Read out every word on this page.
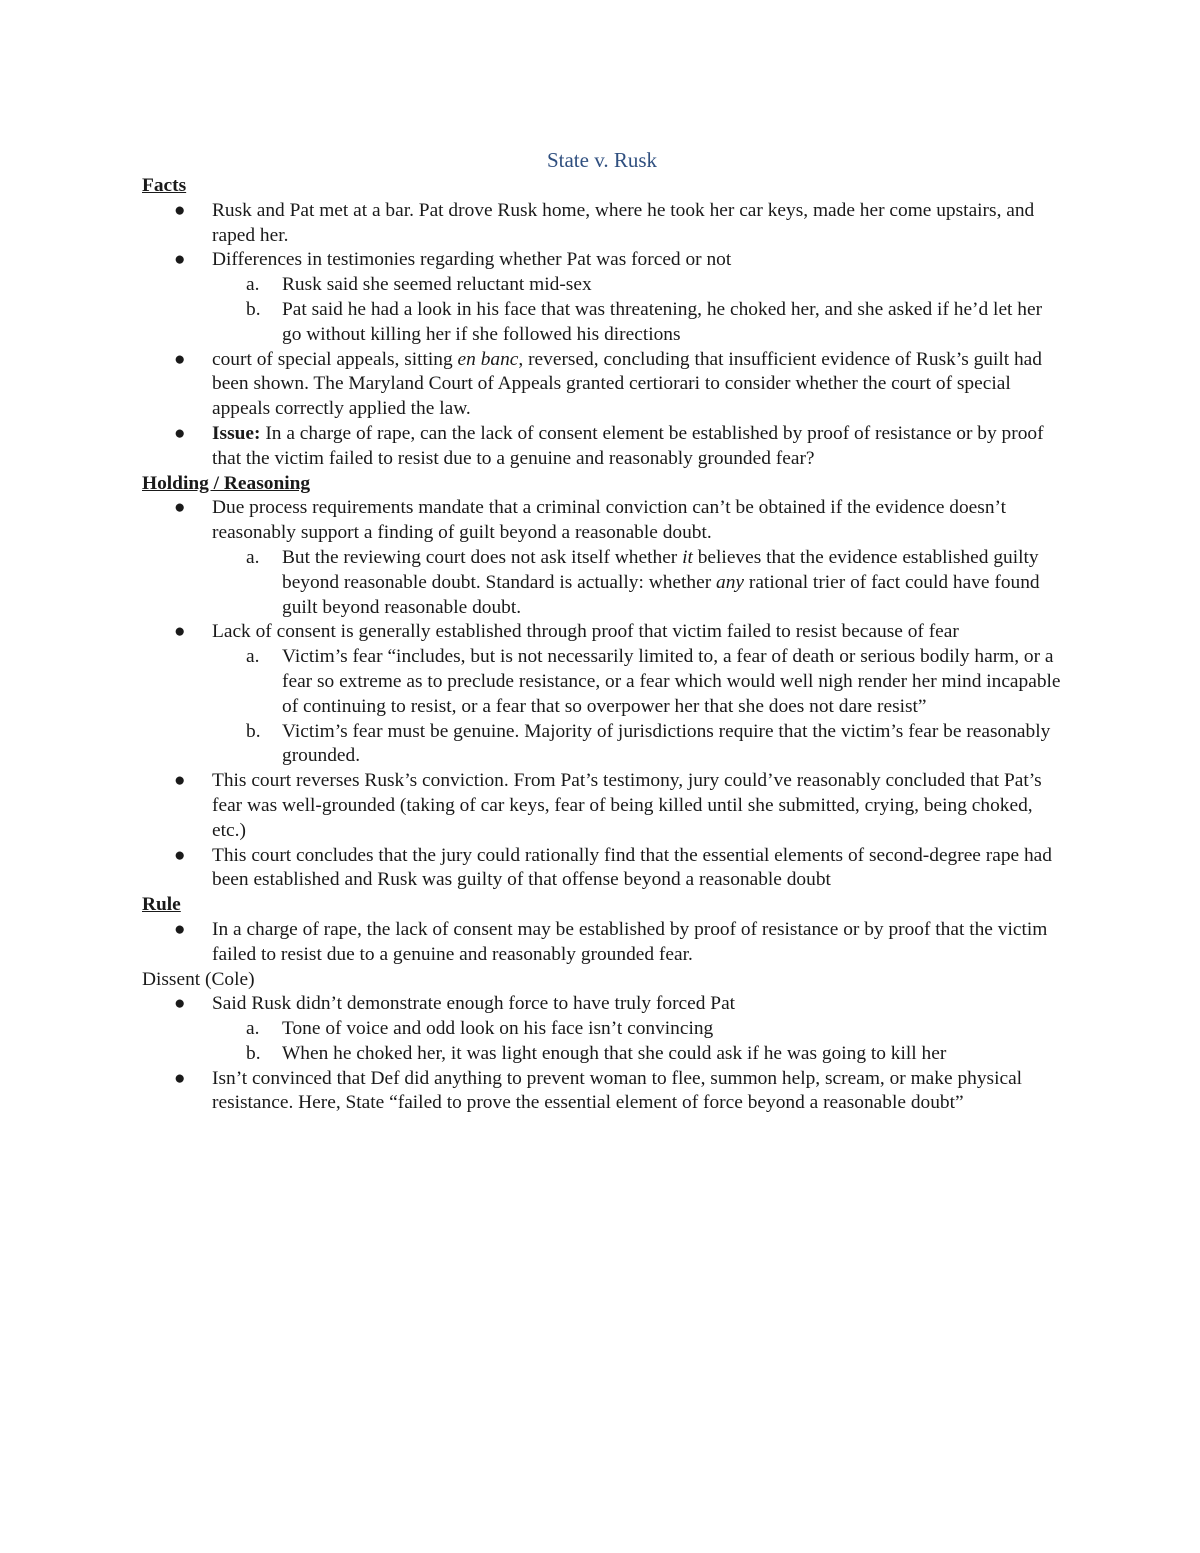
State v. Rusk
Facts
● Rusk and Pat met at a bar. Pat drove Rusk home, where he took her car keys, made her come upstairs, and raped her.
● Differences in testimonies regarding whether Pat was forced or not
a. Rusk said she seemed reluctant mid-sex
b. Pat said he had a look in his face that was threatening, he choked her, and she asked if he’d let her go without killing her if she followed his directions
● court of special appeals, sitting en banc, reversed, concluding that insufficient evidence of Rusk’s guilt had been shown. The Maryland Court of Appeals granted certiorari to consider whether the court of special appeals correctly applied the law.
● Issue: In a charge of rape, can the lack of consent element be established by proof of resistance or by proof that the victim failed to resist due to a genuine and reasonably grounded fear?
Holding / Reasoning
● Due process requirements mandate that a criminal conviction can’t be obtained if the evidence doesn’t reasonably support a finding of guilt beyond a reasonable doubt.
a. But the reviewing court does not ask itself whether it believes that the evidence established guilty beyond reasonable doubt. Standard is actually: whether any rational trier of fact could have found guilt beyond reasonable doubt.
● Lack of consent is generally established through proof that victim failed to resist because of fear
a. Victim’s fear “includes, but is not necessarily limited to, a fear of death or serious bodily harm, or a fear so extreme as to preclude resistance, or a fear which would well nigh render her mind incapable of continuing to resist, or a fear that so overpower her that she does not dare resist”
b. Victim’s fear must be genuine. Majority of jurisdictions require that the victim’s fear be reasonably grounded.
● This court reverses Rusk’s conviction. From Pat’s testimony, jury could’ve reasonably concluded that Pat’s fear was well-grounded (taking of car keys, fear of being killed until she submitted, crying, being choked, etc.)
● This court concludes that the jury could rationally find that the essential elements of second-degree rape had been established and Rusk was guilty of that offense beyond a reasonable doubt
Rule
● In a charge of rape, the lack of consent may be established by proof of resistance or by proof that the victim failed to resist due to a genuine and reasonably grounded fear.
Dissent (Cole)
● Said Rusk didn’t demonstrate enough force to have truly forced Pat
a. Tone of voice and odd look on his face isn’t convincing
b. When he choked her, it was light enough that she could ask if he was going to kill her
● Isn’t convinced that Def did anything to prevent woman to flee, summon help, scream, or make physical resistance. Here, State “failed to prove the essential element of force beyond a reasonable doubt”
